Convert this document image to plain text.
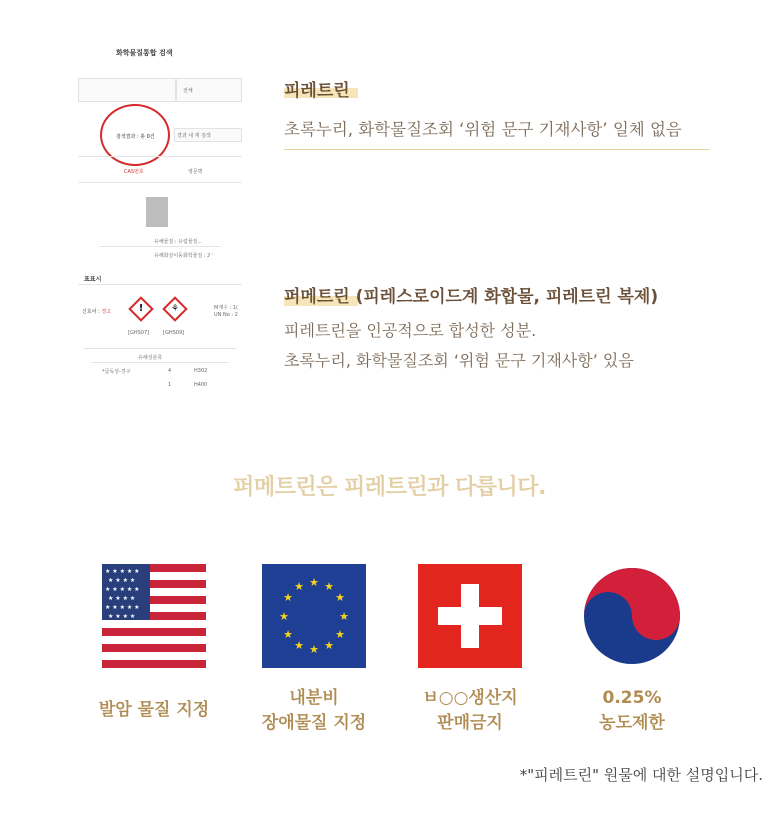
화학물질통합 검색
전체
결과 내 재 검색
검색결과 : 총 0건
CAS번호	영문명
유해물질 : 유럽물질...
유해화상이동화학물질 : 2시험...
표표시
신호어 : 경고	!	⚘
[GHS07]	[GHS09]
M계수 : 1(
UN No : 2
유해성분류
*급독성-경구	4	H302
1	H400
피레트린
초록누리, 화학물질조회 ‘위험 문구 기재사항’ 일체 없음
퍼메트린 (피레스로이드계 화합물, 피레트린 복제)
피레트린을 인공적으로 합성한 성분.
초록누리, 화학물질조회 ‘위험 문구 기재사항’ 있음
퍼메트린은 피레트린과 다릅니다.
★ ★ ★ ★ ★
★ ★ ★ ★
★ ★ ★ ★ ★
★ ★ ★ ★
★ ★ ★ ★ ★
★ ★ ★ ★
★ ★
★
★
★
★
★
★
★
★
★
★
발암 물질 지정
내분비
장애물질 지정
ㅂ○○생산지
판매금지
0.25%
농도제한
*"피레트린" 원물에 대한 설명입니다.
